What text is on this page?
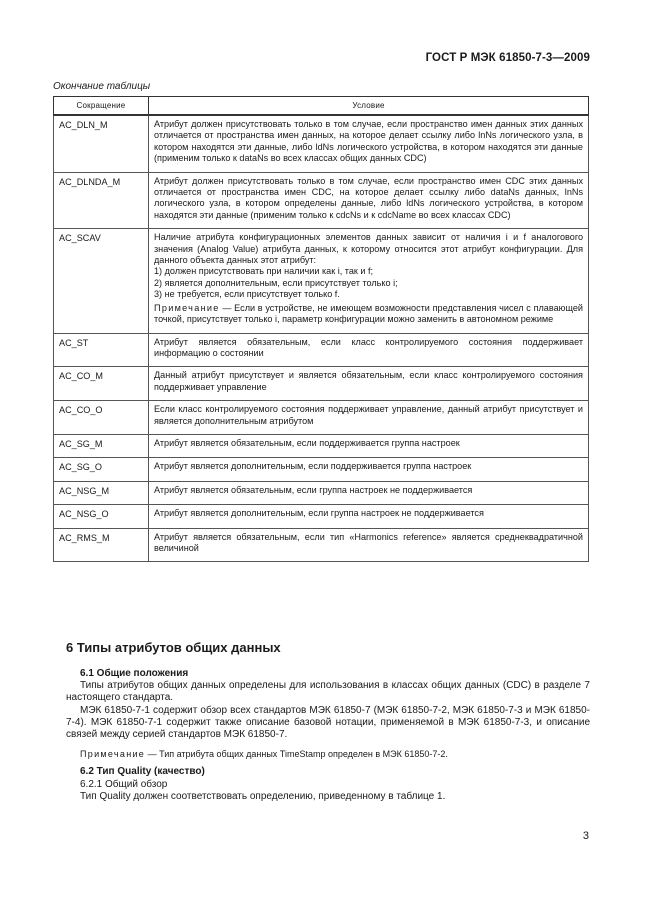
ГОСТ Р МЭК 61850-7-3—2009
Окончание таблицы
Сокращение	Условие
AC_DLN_M	Атрибут должен присутствовать только в том случае, если пространство имен данных этих данных отличается от пространства имен данных, на которое делает ссылку либо lnNs логического узла, в котором находятся эти данные, либо ldNs логического устройства, в котором находятся эти данные (применим только к dataNs во всех классах общих данных CDC)

AC_DLNDA_M	Атрибут должен присутствовать только в том случае, если пространство имен CDC этих данных отличается от пространства имен CDC, на которое делает ссылку либо dataNs данных, lnNs логического узла, в котором определены данные, либо ldNs логического устройства, в котором находятся эти данные (применим только к cdcNs и к cdcName во всех классах CDC)

AC_SCAV	Наличие атрибута конфигурационных элементов данных зависит от наличия i и f аналогового значения (Analog Value) атрибута данных, к которому относится этот атрибут конфигурации. Для данного объекта данных этот атрибут:

1) должен присутствовать при наличии как i, так и f;

2) является дополнительным, если присутствует только i;

3) не требуется, если присутствует только f.

Примечание — Если в устройстве, не имеющем возможности представления чисел с плавающей точкой, присутствует только i, параметр конфигурации можно заменить в автономном режиме

AC_ST	Атрибут является обязательным, если класс контролируемого состояния поддерживает информацию о состоянии

AC_CO_M	Данный атрибут присутствует и является обязательным, если класс контролируемого состояния поддерживает управление

AC_CO_O	Если класс контролируемого состояния поддерживает управление, данный атрибут присутствует и является дополнительным атрибутом

AC_SG_M	Атрибут является обязательным, если поддерживается группа настроек

AC_SG_O	Атрибут является дополнительным, если поддерживается группа настроек

AC_NSG_M	Атрибут является обязательным, если группа настроек не поддерживается

AC_NSG_O	Атрибут является дополнительным, если группа настроек не поддерживается

AC_RMS_M	Атрибут является обязательным, если тип «Harmonics reference» является среднеквадратичной величиной

6 Типы атрибутов общих данных

6.1 Общие положения

Типы атрибутов общих данных определены для использования в классах общих данных (CDC) в разделе 7 настоящего стандарта.

МЭК 61850-7-1 содержит обзор всех стандартов МЭК 61850-7 (МЭК 61850-7-2, МЭК 61850-7-3 и МЭК 61850-7-4). МЭК 61850-7-1 содержит также описание базовой нотации, применяемой в МЭК 61850-7-3, и описание связей между серией стандартов МЭК 61850-7.

Примечание — Тип атрибута общих данных TimeStamp определен в МЭК 61850-7-2.

6.2 Тип Quality (качество)

6.2.1 Общий обзор

Тип Quality должен соответствовать определению, приведенному в таблице 1.

3
